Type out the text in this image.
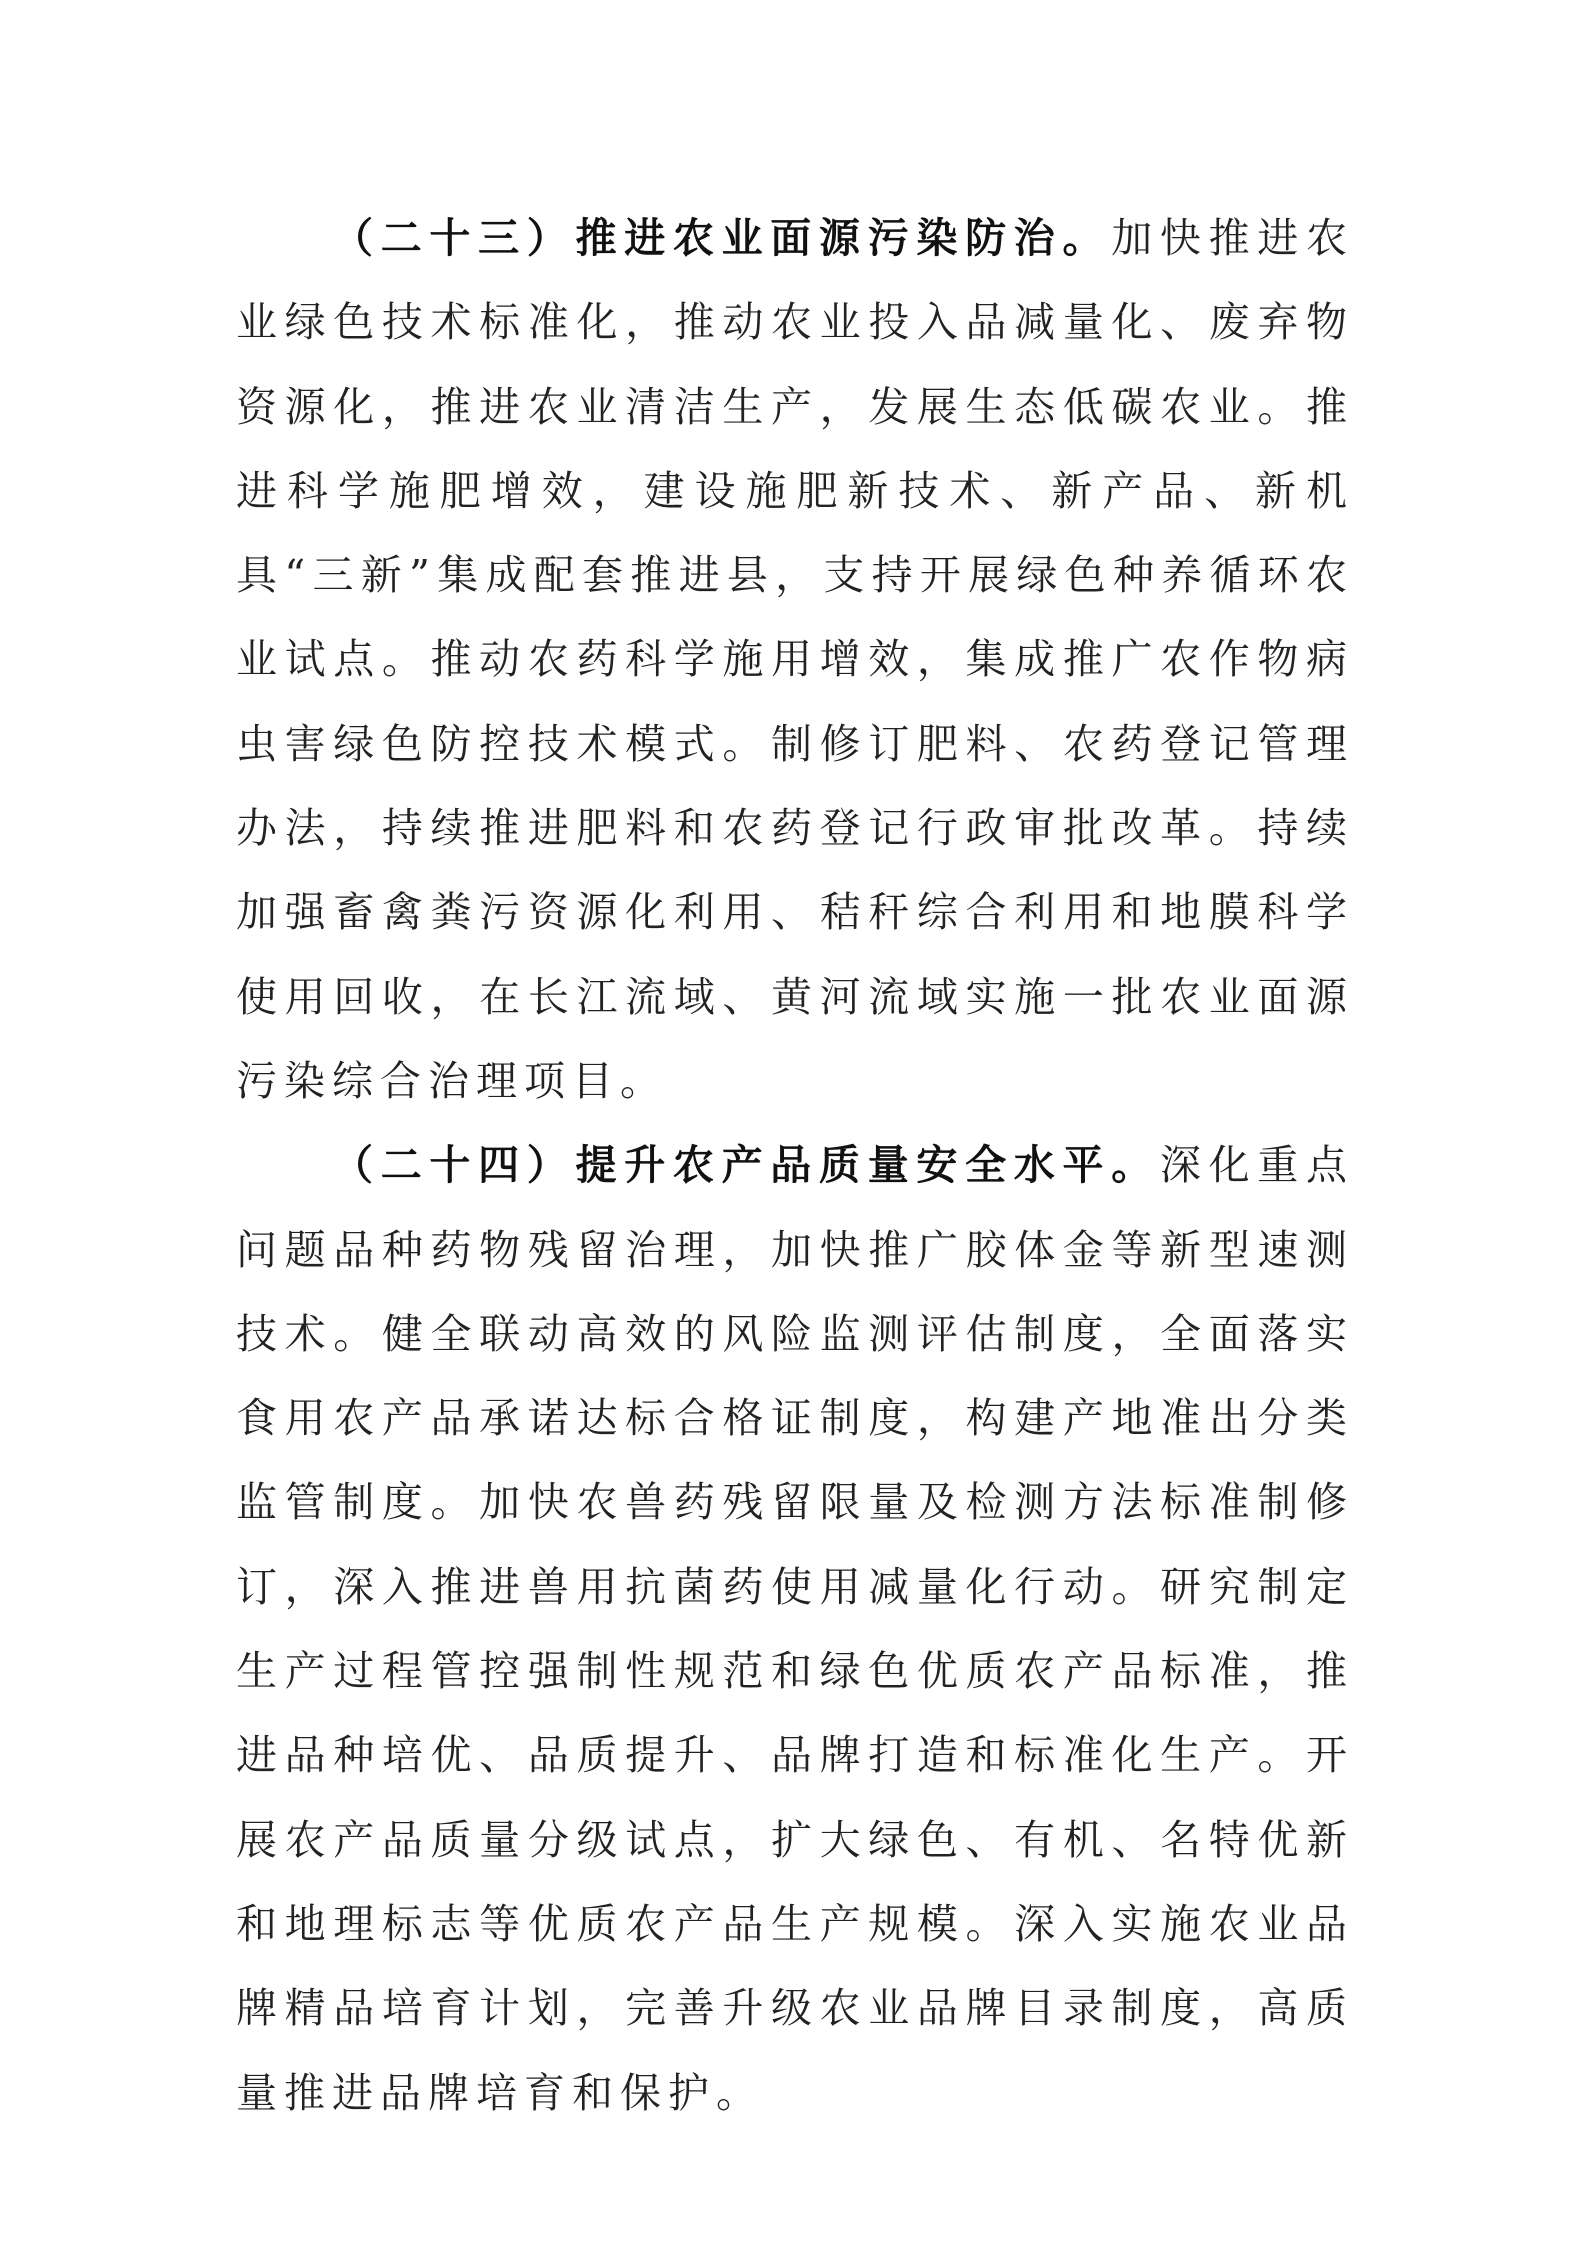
（二十三）推进农业面源污染防治。加快推进农业绿色技术标准化，推动农业投入品减量化、废弃物资源化，推进农业清洁生产，发展生态低碳农业。推进科学施肥增效，建设施肥新技术、新产品、新机具“三新”集成配套推进县，支持开展绿色种养循环农业试点。推动农药科学施用增效，集成推广农作物病虫害绿色防控技术模式。制修订肥料、农药登记管理办法，持续推进肥料和农药登记行政审批改革。持续加强畜禽粪污资源化利用、秸秆综合利用和地膜科学使用回收，在长江流域、黄河流域实施一批农业面源污染综合治理项目。

（二十四）提升农产品质量安全水平。深化重点问题品种药物残留治理，加快推广胶体金等新型速测技术。健全联动高效的风险监测评估制度，全面落实食用农产品承诺达标合格证制度，构建产地准出分类监管制度。加快农兽药残留限量及检测方法标准制修订，深入推进兽用抗菌药使用减量化行动。研究制定生产过程管控强制性规范和绿色优质农产品标准，推进品种培优、品质提升、品牌打造和标准化生产。开展农产品质量分级试点，扩大绿色、有机、名特优新和地理标志等优质农产品生产规模。深入实施农业品牌精品培育计划，完善升级农业品牌目录制度，高质量推进品牌培育和保护。
